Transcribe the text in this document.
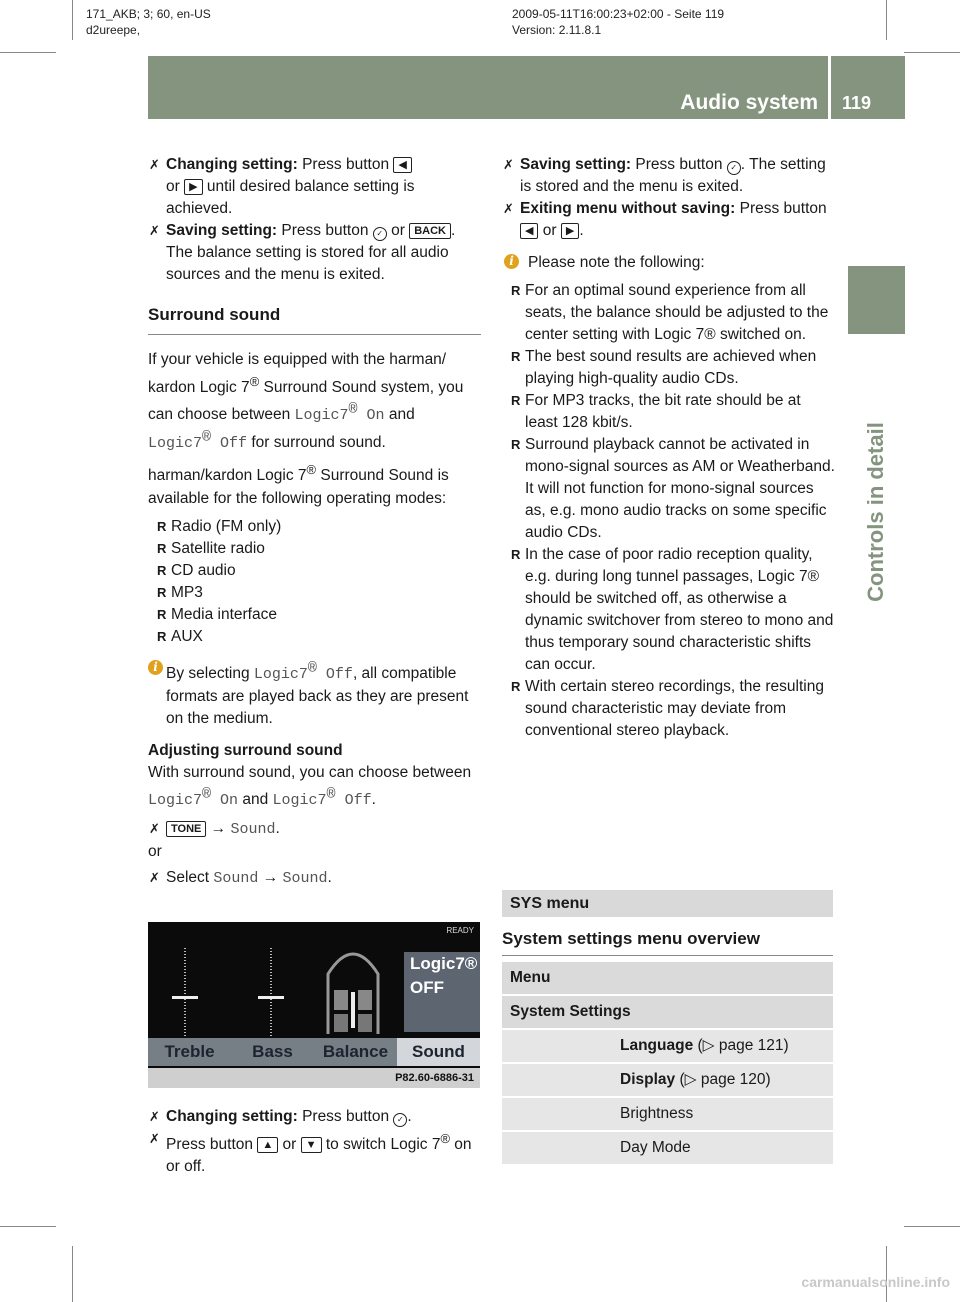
171_AKB; 3; 60, en-US
d2ureepe,
2009-05-11T16:00:23+02:00 - Seite 119
Version: 2.11.8.1
Audio system 119
Controls in detail

✗ Changing setting: Press button ◀
or ▶ until desired balance setting is achieved.

✗ Saving setting: Press button ✓ or BACK . The balance setting is stored for all audio sources and the menu is exited.

Surround sound

If your vehicle is equipped with the harman/ kardon Logic 7® Surround Sound system, you can choose between Logic7® On and Logic7® Off for surround sound.

harman/kardon Logic 7® Surround Sound is available for the following operating modes:

R Radio (FM only)

R Satellite radio

R CD audio

R MP3

R Media interface

R AUX

i By selecting Logic7® Off, all compatible formats are played back as they are present on the medium.

Adjusting surround sound

With surround sound, you can choose between Logic7® On and Logic7® Off.

✗ TONE → Sound.

or

✗ Select Sound → Sound.

READY
Logic7®
OFF
Treble	Bass	Balance	Sound
P82.60-6886-31

✗ Changing setting: Press button ✓ .

✗ Press button ▲ or ▼ to switch Logic 7® on or off.

✗ Saving setting: Press button ✓ . The setting is stored and the menu is exited.

✗ Exiting menu without saving: Press button ◀ or ▶ .

i Please note the following:

R For an optimal sound experience from all seats, the balance should be adjusted to the center setting with Logic 7® switched on.

R The best sound results are achieved when playing high-quality audio CDs.

R For MP3 tracks, the bit rate should be at least 128 kbit/s.

R Surround playback cannot be activated in mono-signal sources as AM or Weatherband. It will not function for mono-signal sources as, e.g. mono audio tracks on some specific audio CDs.

R In the case of poor radio reception quality, e.g. during long tunnel passages, Logic 7® should be switched off, as otherwise a dynamic switchover from stereo to mono and thus temporary sound characteristic shifts can occur.

R With certain stereo recordings, the resulting sound characteristic may deviate from conventional stereo playback.

SYS menu
System settings menu overview
Menu
System Settings
Language (▷ page 121)
Display (▷ page 120)
Brightness
Day Mode
carmanualsonline.info
